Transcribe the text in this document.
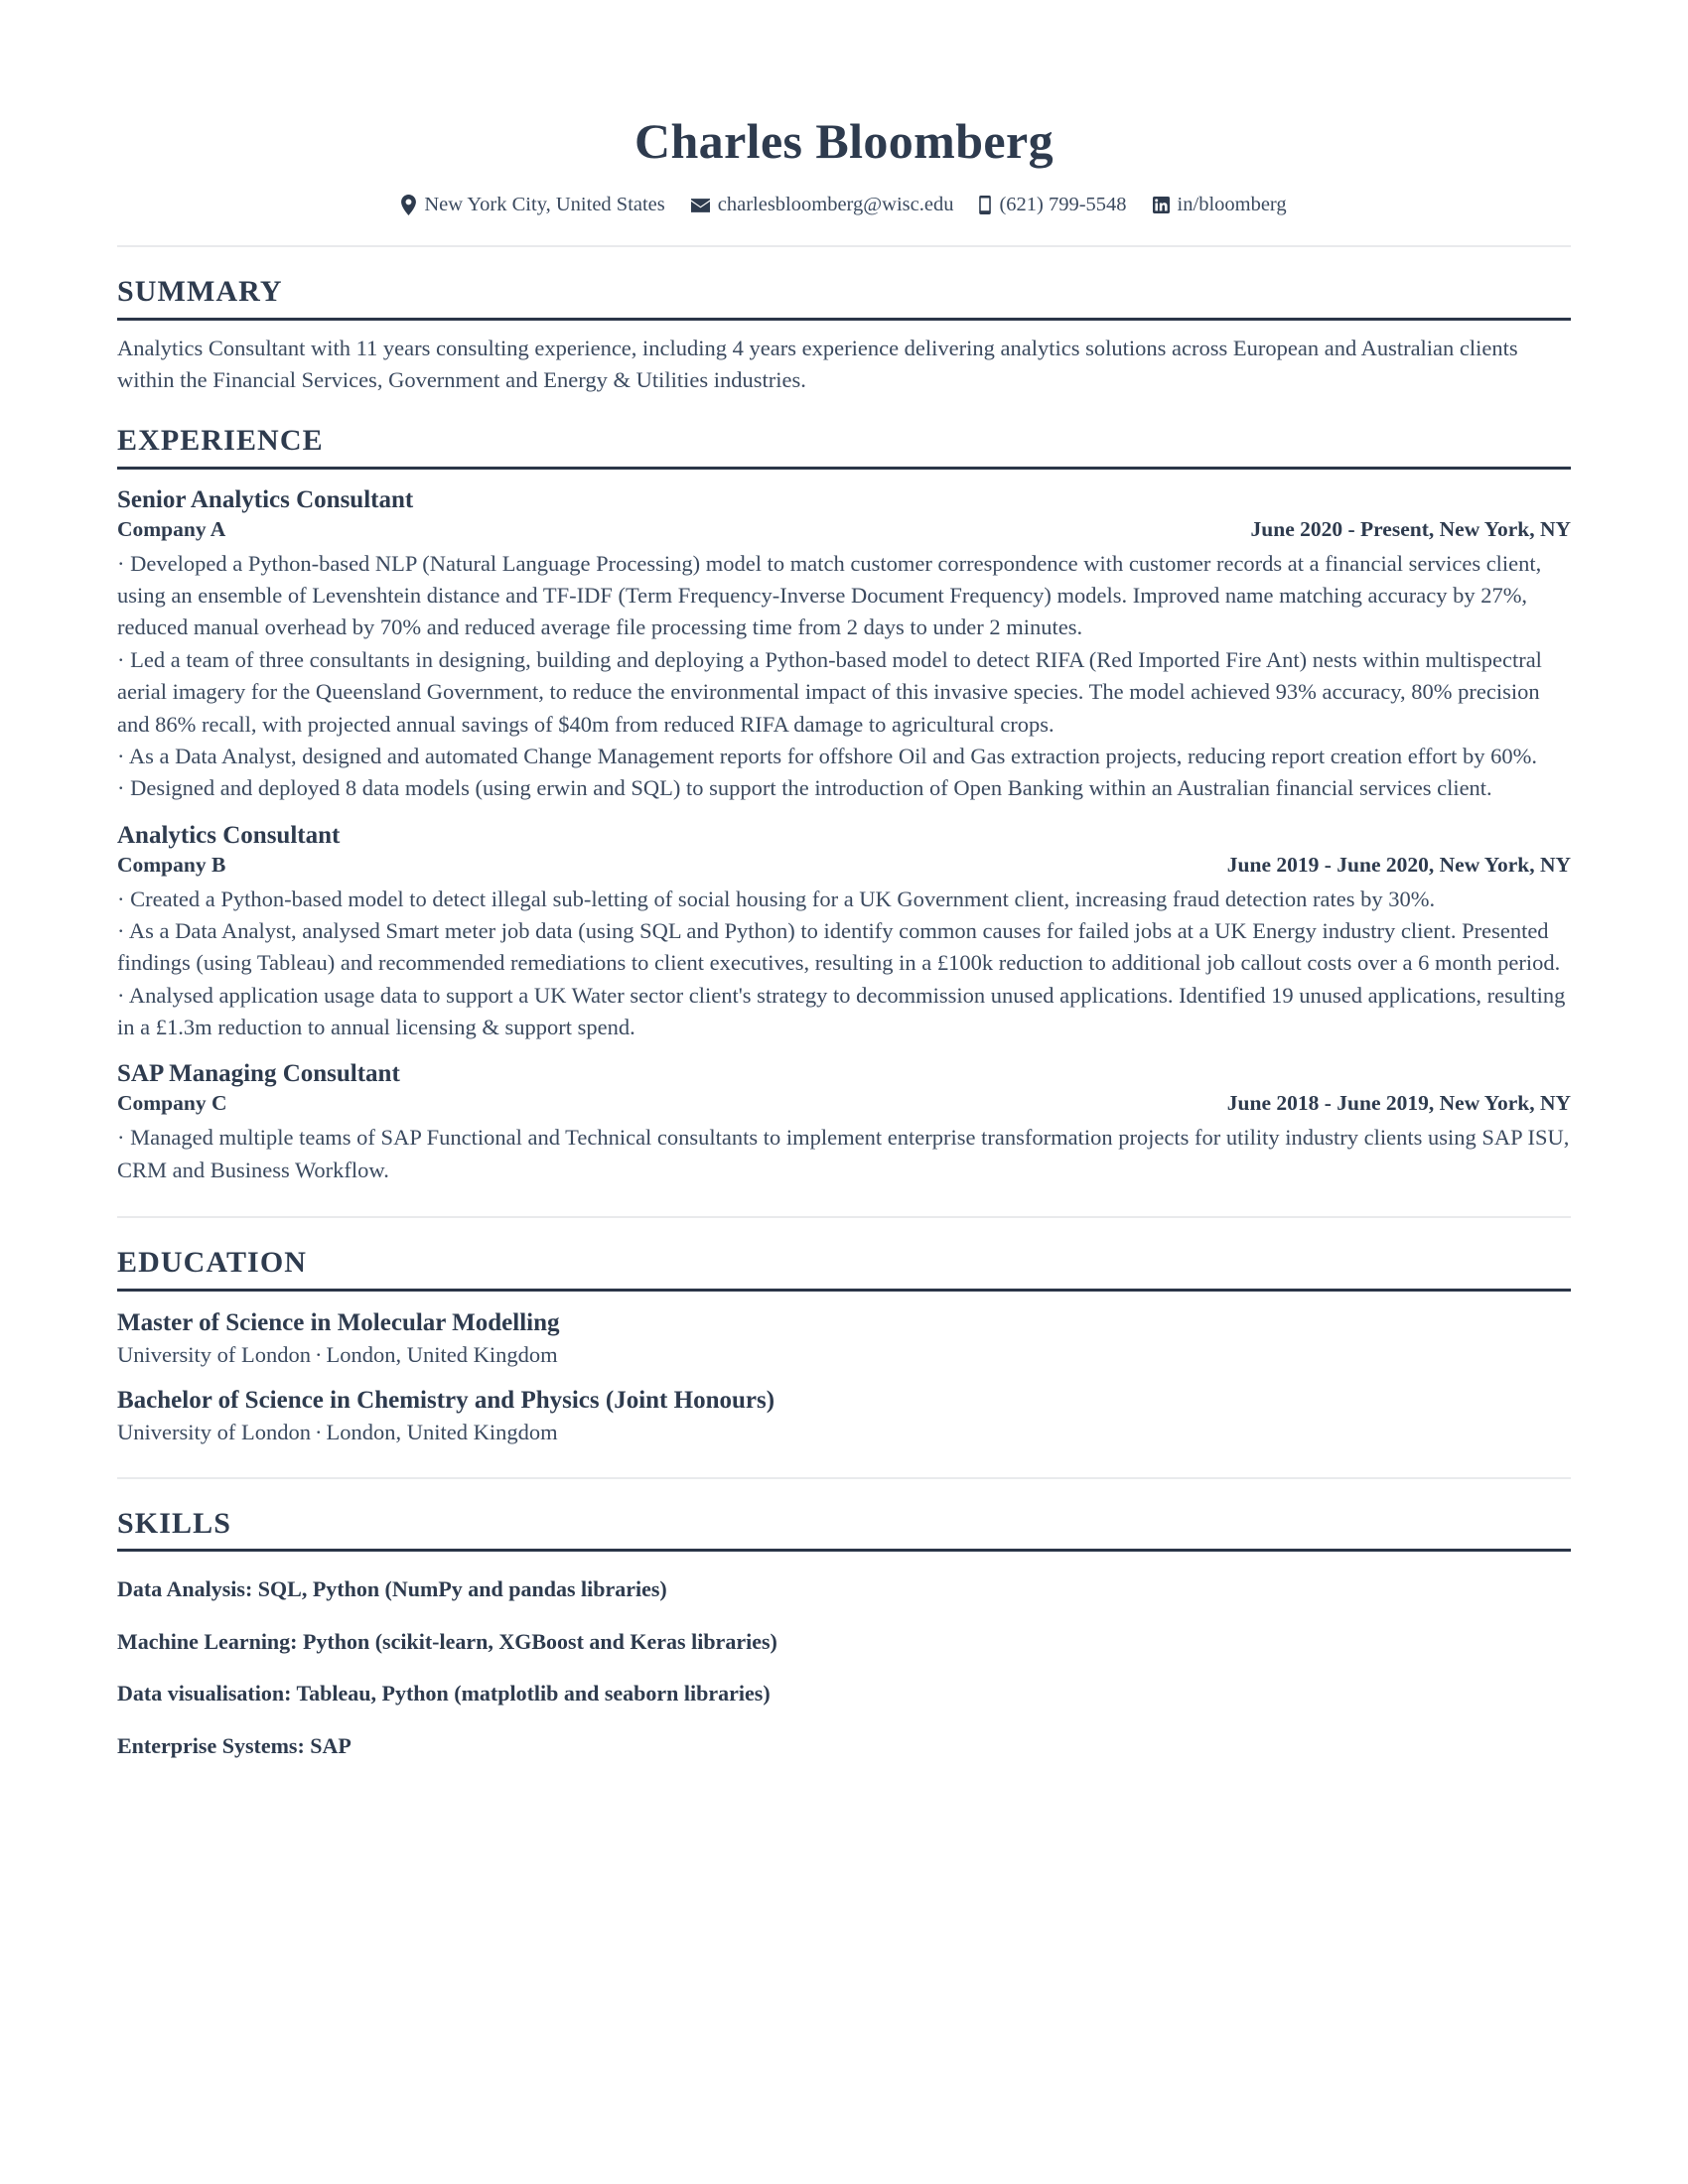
Charles Bloomberg
New York City, United States	charlesbloomberg@wisc.edu (621) 799-5548 in/bloomberg
SUMMARY

Analytics Consultant with 11 years consulting experience, including 4 years experience delivering analytics solutions across European and Australian clients within the Financial Services, Government and Energy & Utilities industries.

EXPERIENCE
Senior Analytics Consultant
Company A	June 2020 - Present, New York, NY

· Developed a Python-based NLP (Natural Language Processing) model to match customer correspondence with customer records at a financial services client, using an ensemble of Levenshtein distance and TF-IDF (Term Frequency-Inverse Document Frequency) models. Improved name matching accuracy by 27%, reduced manual overhead by 70% and reduced average file processing time from 2 days to under 2 minutes.

· Led a team of three consultants in designing, building and deploying a Python-based model to detect RIFA (Red Imported Fire Ant) nests within multispectral aerial imagery for the Queensland Government, to reduce the environmental impact of this invasive species. The model achieved 93% accuracy, 80% precision and 86% recall, with projected annual savings of $40m from reduced RIFA damage to agricultural crops.

· As a Data Analyst, designed and automated Change Management reports for offshore Oil and Gas extraction projects, reducing report creation effort by 60%.

· Designed and deployed 8 data models (using erwin and SQL) to support the introduction of Open Banking within an Australian financial services client.

Analytics Consultant
Company B	June 2019 - June 2020, New York, NY

· Created a Python-based model to detect illegal sub-letting of social housing for a UK Government client, increasing fraud detection rates by 30%.

· As a Data Analyst, analysed Smart meter job data (using SQL and Python) to identify common causes for failed jobs at a UK Energy industry client. Presented findings (using Tableau) and recommended remediations to client executives, resulting in a £100k reduction to additional job callout costs over a 6 month period.

· Analysed application usage data to support a UK Water sector client's strategy to decommission unused applications. Identified 19 unused applications, resulting in a £1.3m reduction to annual licensing & support spend.

SAP Managing Consultant
Company C	June 2018 - June 2019, New York, NY

· Managed multiple teams of SAP Functional and Technical consultants to implement enterprise transformation projects for utility industry clients using SAP ISU, CRM and Business Workflow.

EDUCATION
Master of Science in Molecular Modelling
University of London · London, United Kingdom
Bachelor of Science in Chemistry and Physics (Joint Honours)
University of London · London, United Kingdom
SKILLS
Data Analysis: SQL, Python (NumPy and pandas libraries)
Machine Learning: Python (scikit-learn, XGBoost and Keras libraries)
Data visualisation: Tableau, Python (matplotlib and seaborn libraries)
Enterprise Systems: SAP
